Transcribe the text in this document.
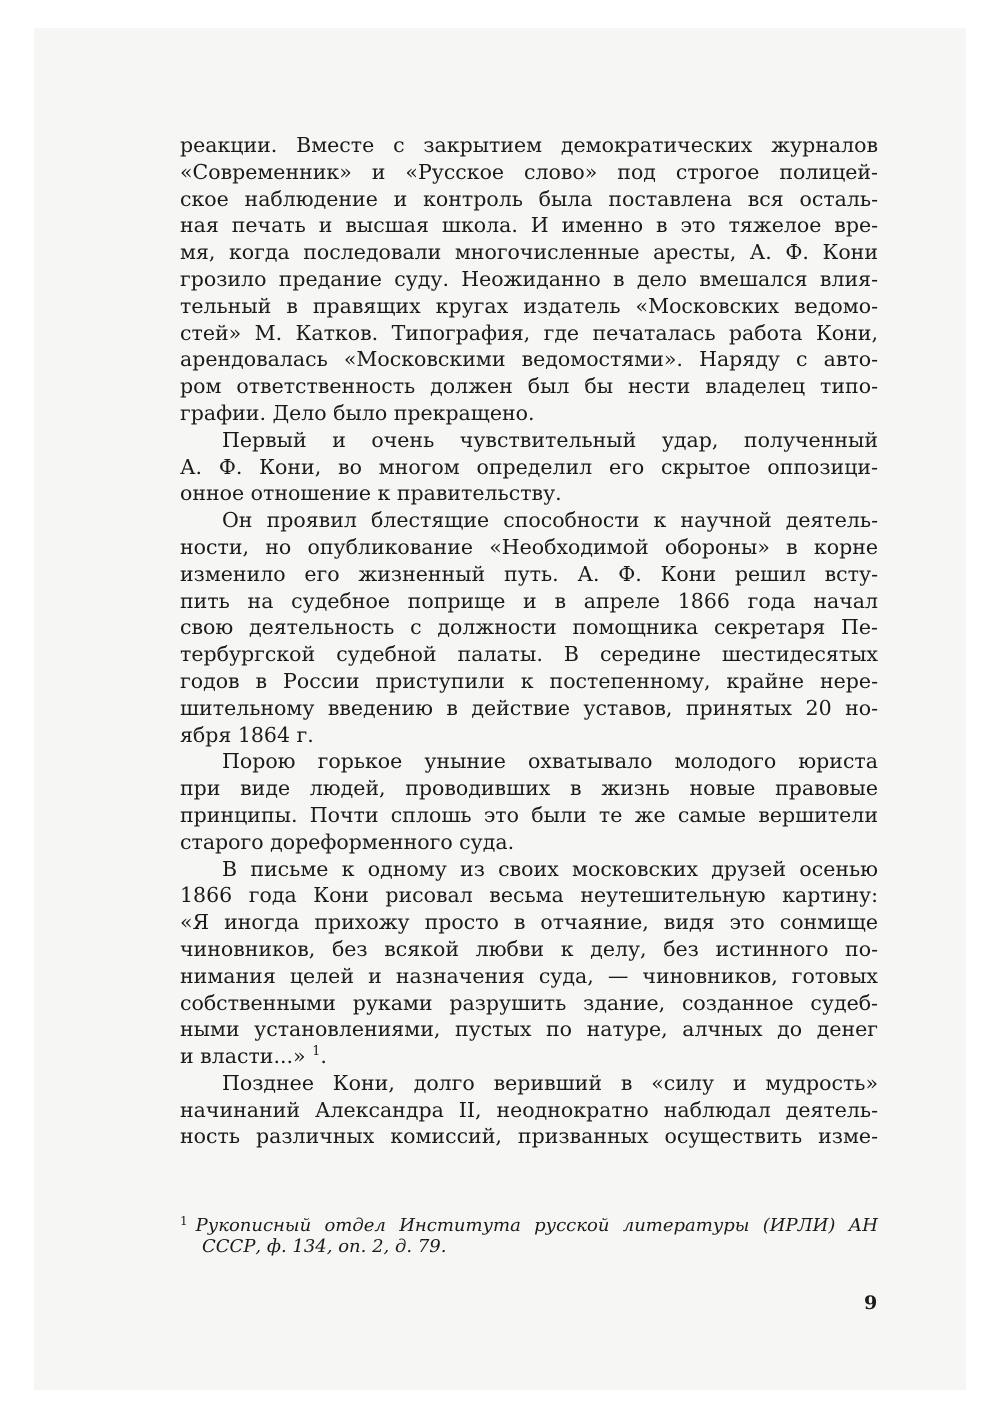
реакции. Вместе с закрытием демократических журналов
«Современник» и «Русское слово» под строгое полицей-
ское наблюдение и контроль была поставлена вся осталь-
ная печать и высшая школа. И именно в это тяжелое вре-
мя, когда последовали многочисленные аресты, А. Ф. Кони
грозило предание суду. Неожиданно в дело вмешался влия-
тельный в правящих кругах издатель «Московских ведомо-
стей» М. Катков. Типография, где печаталась работа Кони,
арендовалась «Московскими ведомостями». Наряду с авто-
ром ответственность должен был бы нести владелец типо-
графии. Дело было прекращено.
Первый и очень чувствительный удар, полученный
А. Ф. Кони, во многом определил его скрытое оппозици-
онное отношение к правительству.
Он проявил блестящие способности к научной деятель-
ности, но опубликование «Необходимой обороны» в корне
изменило его жизненный путь. А. Ф. Кони решил всту-
пить на судебное поприще и в апреле 1866 года начал
свою деятельность с должности помощника секретаря Пе-
тербургской судебной палаты. В середине шестидесятых
годов в России приступили к постепенному, крайне нере-
шительному введению в действие уставов, принятых 20 но-
ября 1864 г.
Порою горькое уныние охватывало молодого юриста
при виде людей, проводивших в жизнь новые правовые
принципы. Почти сплошь это были те же самые вершители
старого дореформенного суда.
В письме к одному из своих московских друзей осенью
1866 года Кони рисовал весьма неутешительную картину:
«Я иногда прихожу просто в отчаяние, видя это сонмище
чиновников, без всякой любви к делу, без истинного по-
нимания целей и назначения суда, — чиновников, готовых
собственными руками разрушить здание, созданное судеб-
ными установлениями, пустых по натуре, алчных до денег
и власти...» $^1$.
Позднее Кони, долго веривший в «силу и мудрость»
начинаний Александра II, неоднократно наблюдал деятель-
ность различных комиссий, призванных осуществить изме-
$^1$ Рукописный отдел Института русской литературы (ИРЛИ) АН
СССР, ф. 134, оп. 2, д. 79.
9
